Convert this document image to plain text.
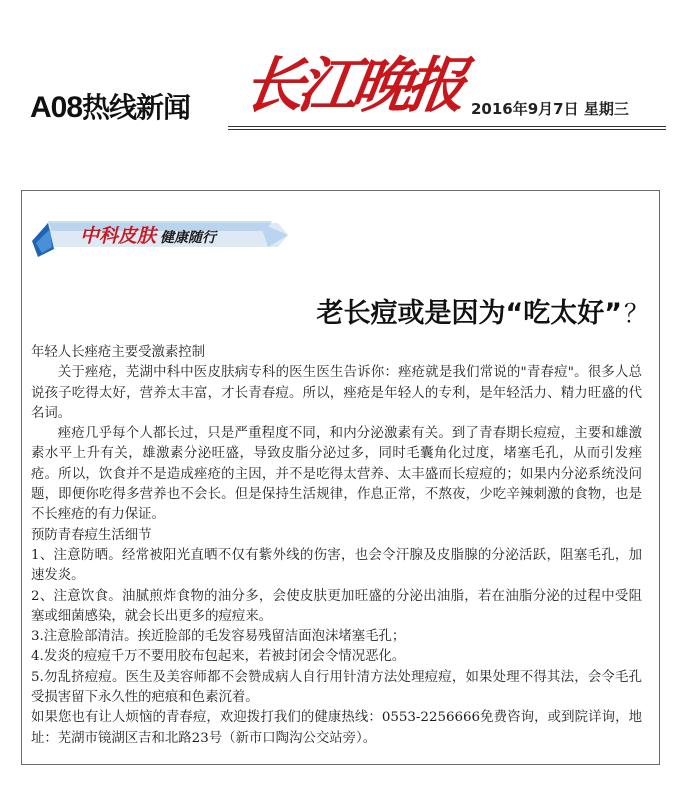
A08热线新闻 长江晚报 2016年9月7日 星期三
中科皮肤 健康随行
老长痘或是因为“吃太好”？

年轻人长痤疮主要受激素控制

关于痤疮，芜湖中科中医皮肤病专科的医生医生告诉你：痤疮就是我们常说的"青春痘"。很多人总说孩子吃得太好，营养太丰富，才长青春痘。所以，痤疮是年轻人的专利，是年轻活力、精力旺盛的代名词。

痤疮几乎每个人都长过，只是严重程度不同，和内分泌激素有关。到了青春期长痘痘，主要和雄激素水平上升有关，雄激素分泌旺盛，导致皮脂分泌过多，同时毛囊角化过度，堵塞毛孔，从而引发痤疮。所以，饮食并不是造成痤疮的主因，并不是吃得太营养、太丰盛而长痘痘的；如果内分泌系统没问题，即便你吃得多营养也不会长。但是保持生活规律，作息正常，不熬夜，少吃辛辣刺激的食物，也是不长痤疮的有力保证。

预防青春痘生活细节

1、注意防晒。经常被阳光直晒不仅有紫外线的伤害，也会令汗腺及皮脂腺的分泌活跃，阻塞毛孔，加速发炎。

2、注意饮食。油腻煎炸食物的油分多，会使皮肤更加旺盛的分泌出油脂，若在油脂分泌的过程中受阻塞或细菌感染，就会长出更多的痘痘来。

3.注意脸部清洁。挨近脸部的毛发容易残留洁面泡沫堵塞毛孔；

4.发炎的痘痘千万不要用胶布包起来，若被封闭会令情况恶化。

5.勿乱挤痘痘。医生及美容师都不会赞成病人自行用针清方法处理痘痘，如果处理不得其法，会令毛孔受损害留下永久性的疤痕和色素沉着。

如果您也有让人烦恼的青春痘，欢迎拨打我们的健康热线：0553-2256666免费咨询，或到院详询，地址：芜湖市镜湖区吉和北路23号（新市口陶沟公交站旁）。
